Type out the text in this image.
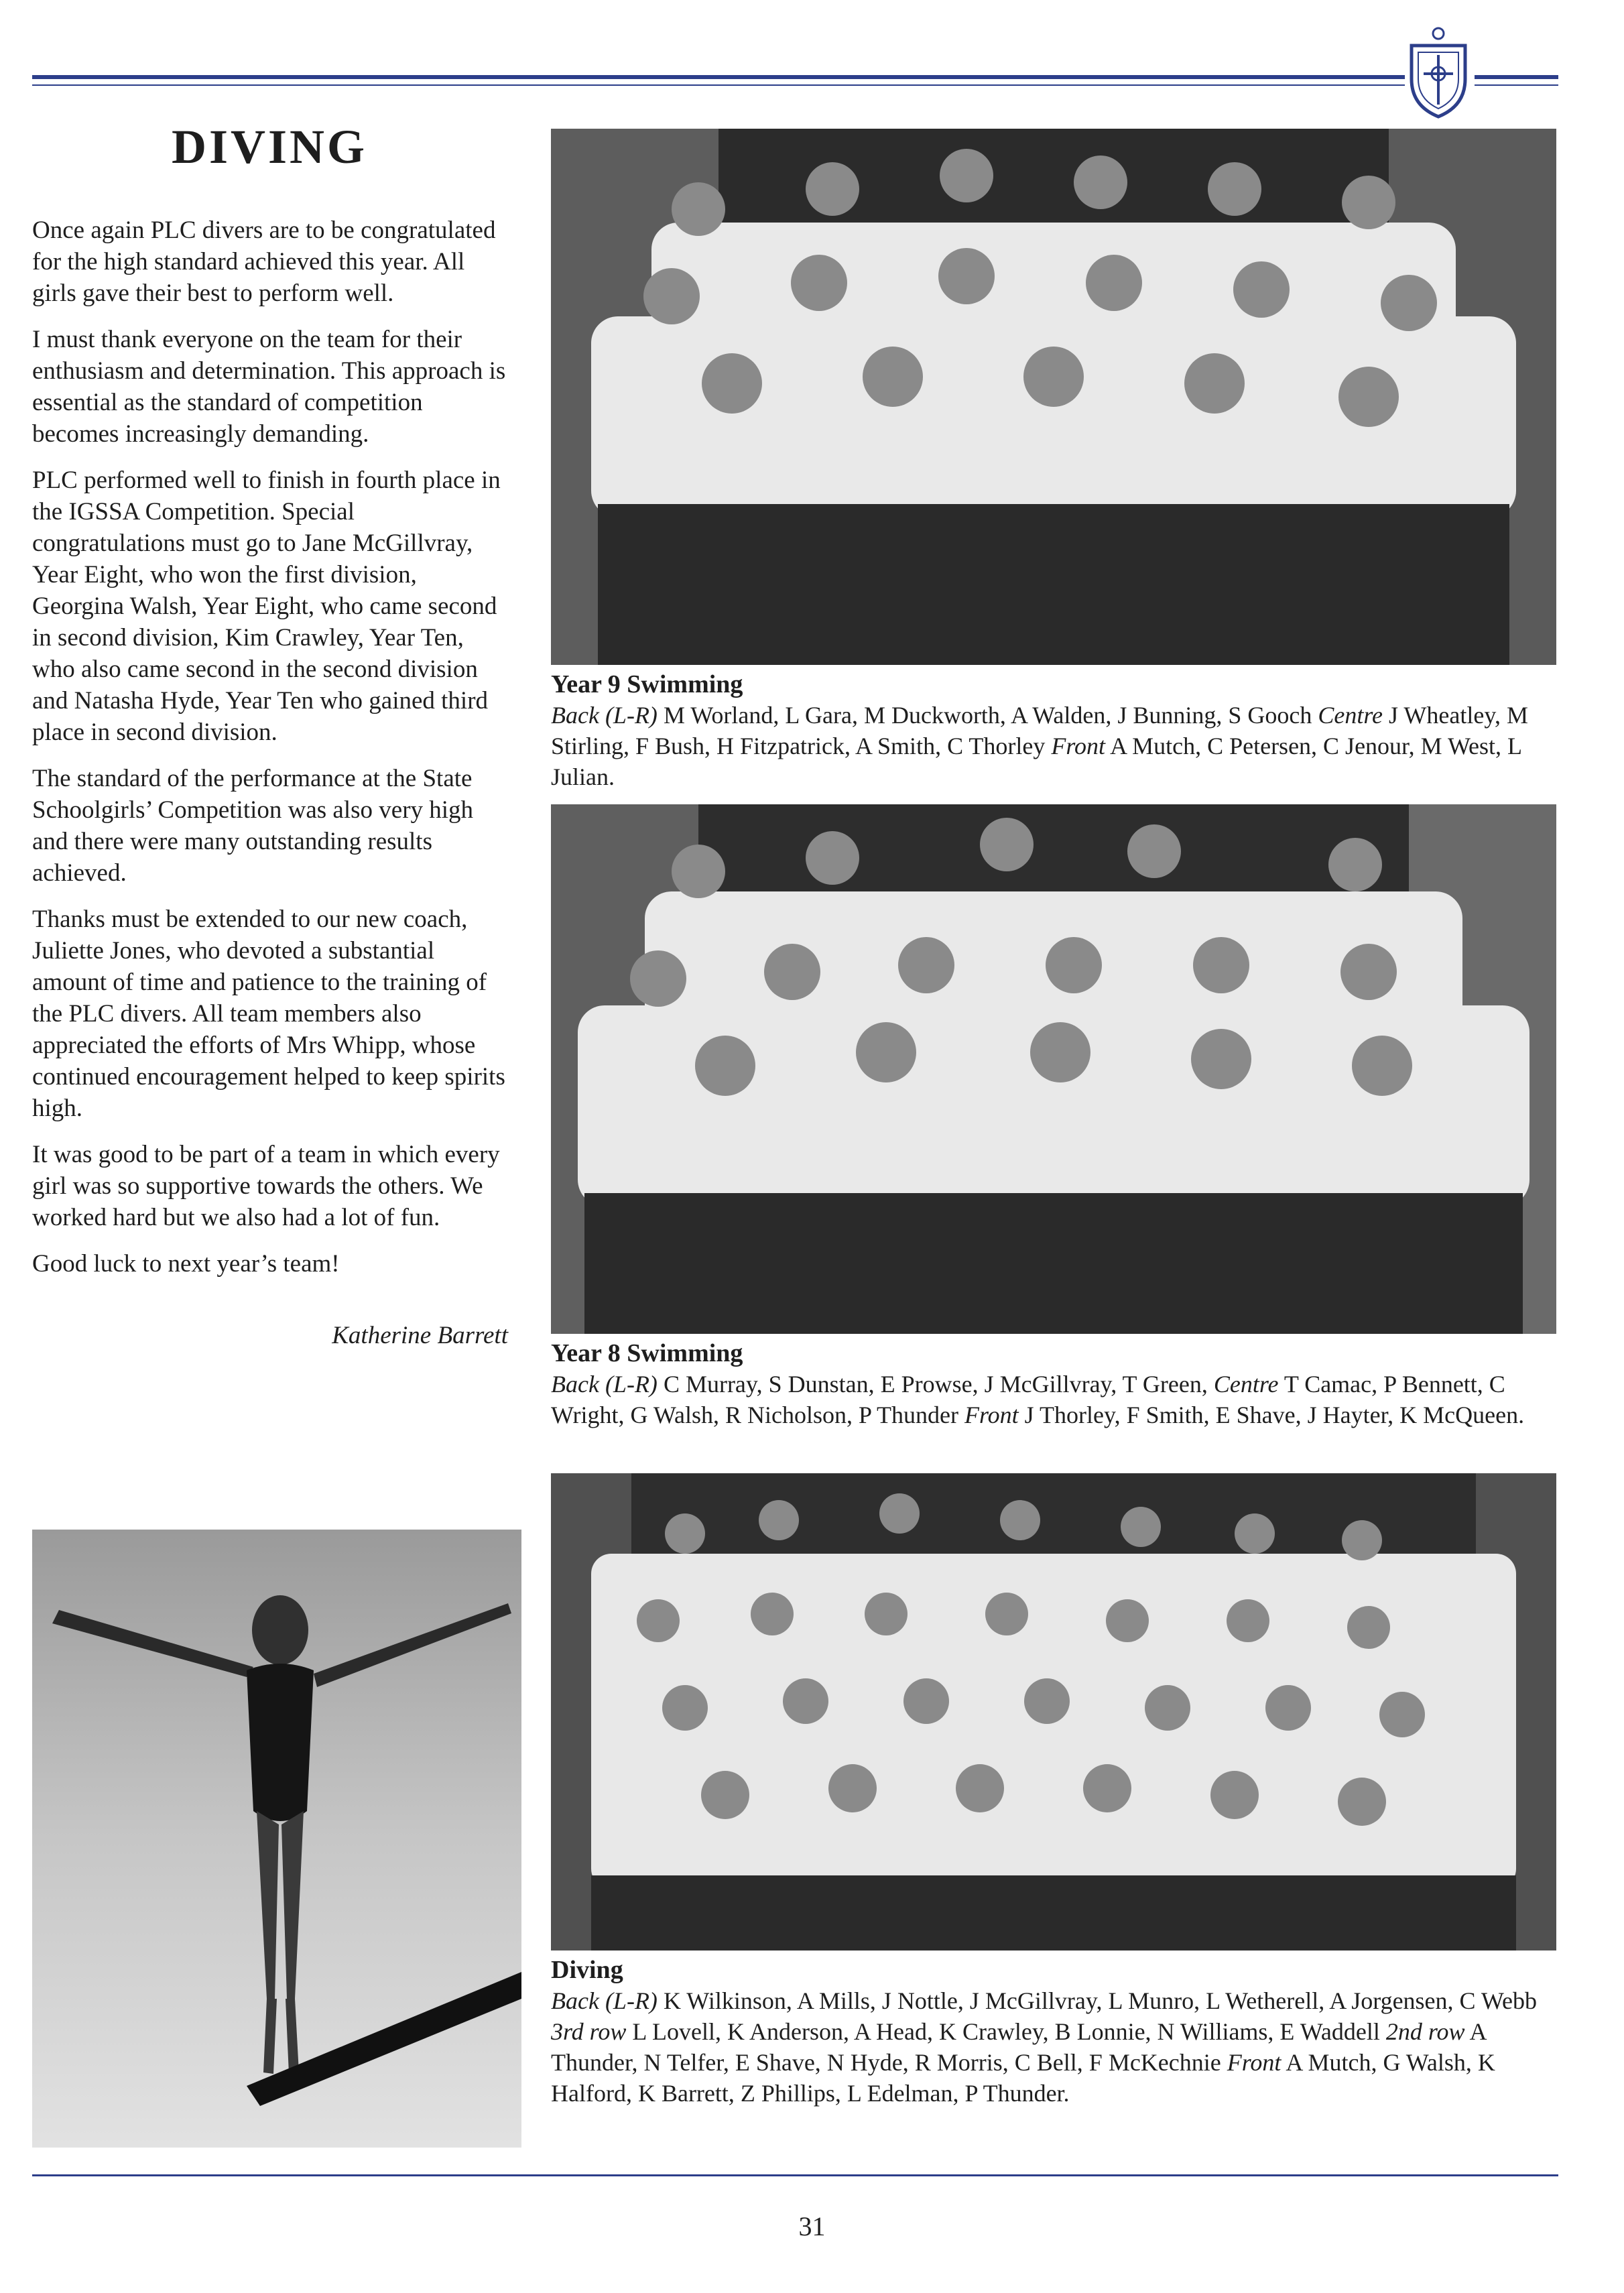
DIVING

Once again PLC divers are to be congratulated for the high standard achieved this year. All girls gave their best to perform well.

I must thank everyone on the team for their enthusiasm and determination. This approach is essential as the standard of competition becomes increasingly demanding.

PLC performed well to finish in fourth place in the IGSSA Competition. Special congratulations must go to Jane McGillvray, Year Eight, who won the first division, Georgina Walsh, Year Eight, who came second in second division, Kim Crawley, Year Ten, who also came second in the second division and Natasha Hyde, Year Ten who gained third place in second division.

The standard of the performance at the State Schoolgirls’ Competition was also very high and there were many outstanding results achieved.

Thanks must be extended to our new coach, Juliette Jones, who devoted a substantial amount of time and patience to the training of the PLC divers. All team members also appreciated the efforts of Mrs Whipp, whose continued encouragement helped to keep spirits high.

It was good to be part of a team in which every girl was so supportive towards the others. We worked hard but we also had a lot of fun.

Good luck to next year’s team!

Katherine Barrett

Year 9 Swimming
Back (L-R) M Worland, L Gara, M Duckworth, A Walden, J Bunning, S Gooch Centre J Wheatley, M Stirling, F Bush, H Fitzpatrick, A Smith, C Thorley Front A Mutch, C Petersen, C Jenour, M West, L Julian.
Year 8 Swimming
Back (L-R) C Murray, S Dunstan, E Prowse, J McGillvray, T Green, Centre T Camac, P Bennett, C Wright, G Walsh, R Nicholson, P Thunder Front J Thorley, F Smith, E Shave, J Hayter, K McQueen.
Diving
Back (L-R) K Wilkinson, A Mills, J Nottle, J McGillvray, L Munro, L Wetherell, A Jorgensen, C Webb 3rd row L Lovell, K Anderson, A Head, K Crawley, B Lonnie, N Williams, E Waddell 2nd row A Thunder, N Telfer, E Shave, N Hyde, R Morris, C Bell, F McKechnie Front A Mutch, G Walsh, K Halford, K Barrett, Z Phillips, L Edelman, P Thunder.
31
